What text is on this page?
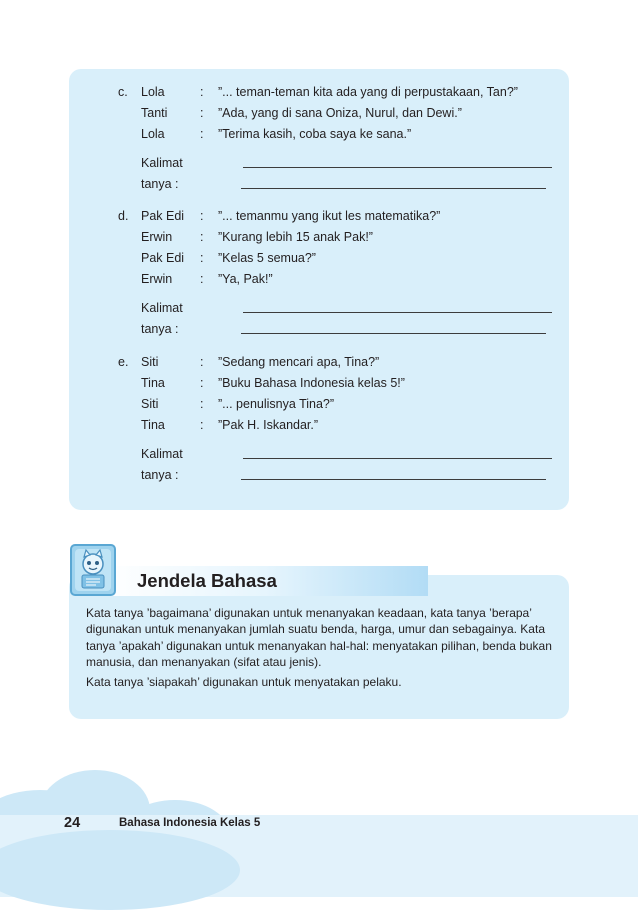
c. Lola	: ”... teman-teman kita ada yang di perpustakaan, Tan?”
Tanti	: ”Ada, yang di sana Oniza, Nurul, dan Dewi.”
Lola	: ”Terima kasih, coba saya ke sana.”
Kalimat tanya :
d. Pak Edi : ”... temanmu yang ikut les matematika?”
Erwin : ”Kurang lebih 15 anak Pak!”
Pak Edi : ”Kelas 5 semua?”
Erwin : ”Ya, Pak!”
Kalimat tanya :
e. Siti	: ”Sedang mencari apa, Tina?”
Tina	: ”Buku Bahasa Indonesia kelas 5!”
Siti	: ”... penulisnya Tina?”
Tina	: ”Pak H. Iskandar.”
Kalimat tanya :
Jendela Bahasa

Kata tanya ’bagaimana’ digunakan untuk menanyakan keadaan, kata tanya ’berapa’ digunakan untuk menanyakan jumlah suatu benda, harga, umur dan sebagainya. Kata tanya ’apakah’ digunakan untuk menanyakan hal-hal: menyatakan pilihan, benda bukan manusia, dan menanyakan (sifat atau jenis).

Kata tanya ’siapakah’ digunakan untuk menyatakan pelaku.

24	Bahasa Indonesia Kelas 5
